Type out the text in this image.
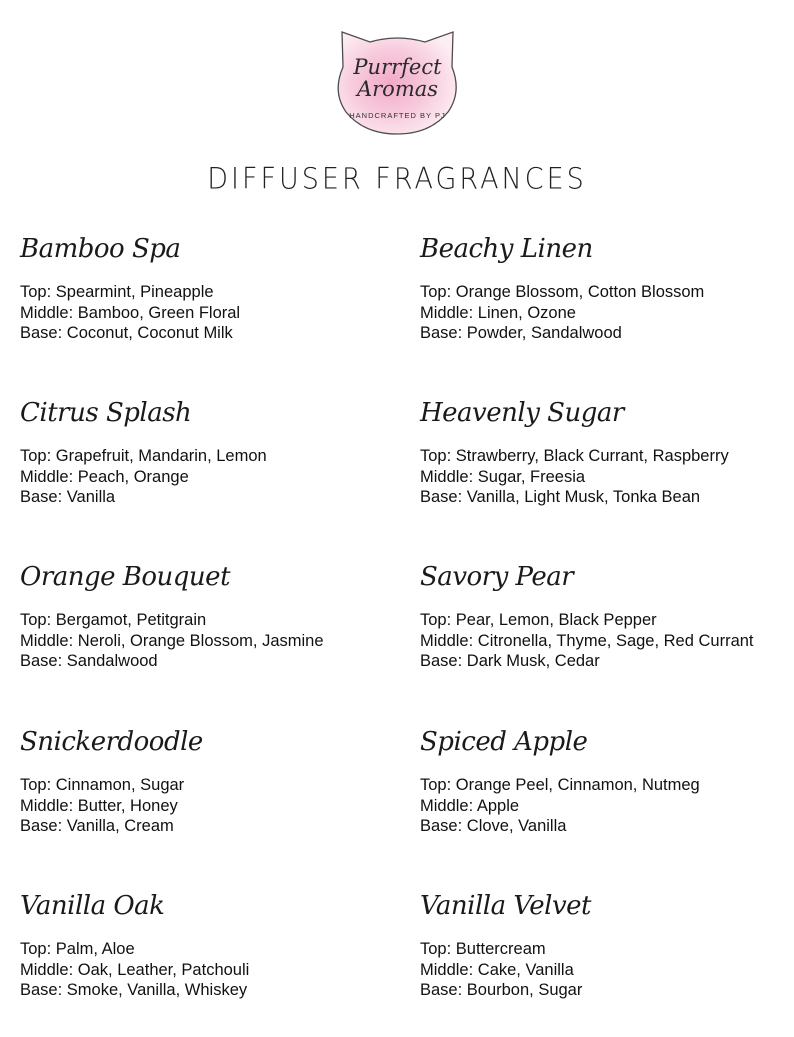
Purrfect
Aromas
HANDCRAFTED BY PJ
DIFFUSER FRAGRANCES
Bamboo Spa
Top: Spearmint, Pineapple
Middle: Bamboo, Green Floral
Base: Coconut, Coconut Milk
Beachy Linen
Top: Orange Blossom, Cotton Blossom
Middle: Linen, Ozone
Base: Powder, Sandalwood
Citrus Splash
Top: Grapefruit, Mandarin, Lemon
Middle: Peach, Orange
Base: Vanilla
Heavenly Sugar
Top: Strawberry, Black Currant, Raspberry
Middle: Sugar, Freesia
Base: Vanilla, Light Musk, Tonka Bean
Orange Bouquet
Top: Bergamot, Petitgrain
Middle: Neroli, Orange Blossom, Jasmine
Base: Sandalwood
Savory Pear
Top: Pear, Lemon, Black Pepper
Middle: Citronella, Thyme, Sage, Red Currant
Base: Dark Musk, Cedar
Snickerdoodle
Top: Cinnamon, Sugar
Middle: Butter, Honey
Base: Vanilla, Cream
Spiced Apple
Top: Orange Peel, Cinnamon, Nutmeg
Middle: Apple
Base: Clove, Vanilla
Vanilla Oak
Top: Palm, Aloe
Middle: Oak, Leather, Patchouli
Base: Smoke, Vanilla, Whiskey
Vanilla Velvet
Top: Buttercream
Middle: Cake, Vanilla
Base: Bourbon, Sugar
